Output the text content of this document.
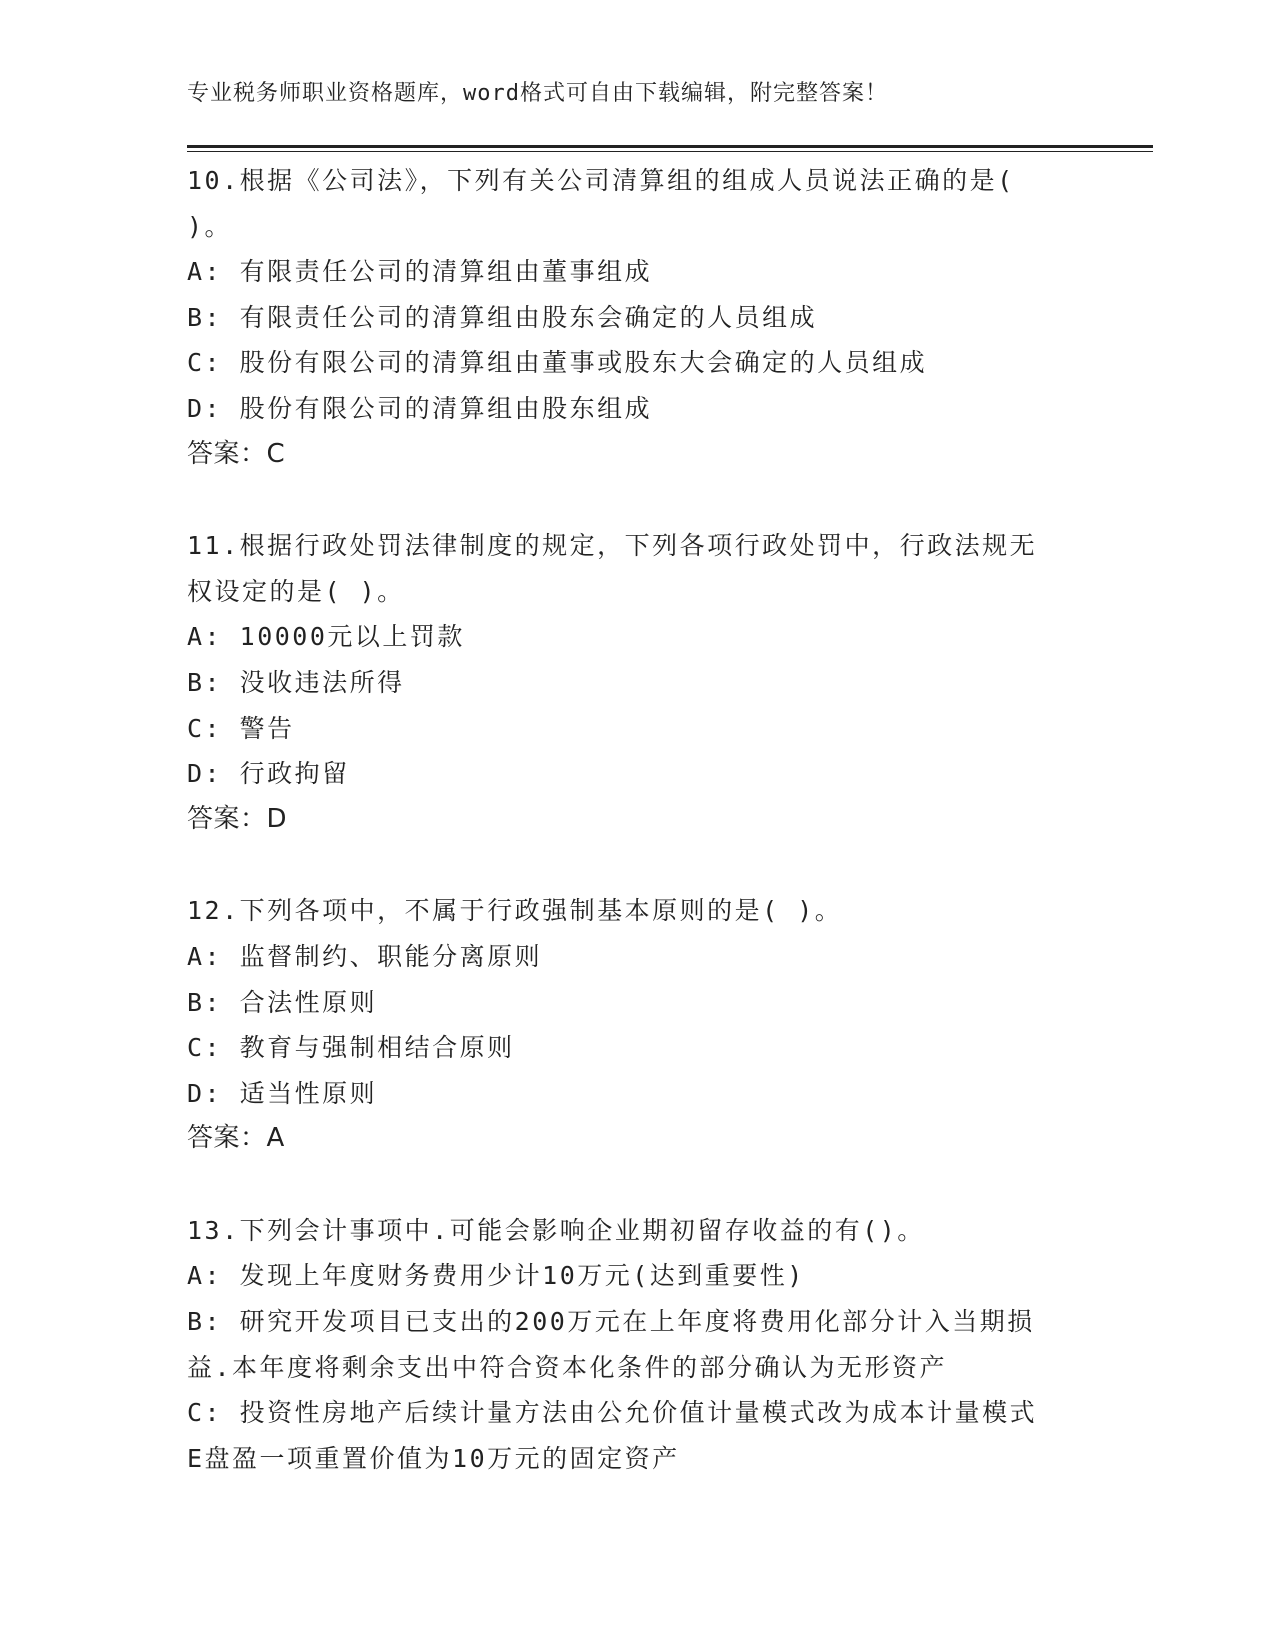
专业税务师职业资格题库，word格式可自由下载编辑，附完整答案！
10.根据《公司法》，下列有关公司清算组的组成人员说法正确的是(
)。
A: 有限责任公司的清算组由董事组成
B: 有限责任公司的清算组由股东会确定的人员组成
C: 股份有限公司的清算组由董事或股东大会确定的人员组成
D: 股份有限公司的清算组由股东组成
答案：C
11.根据行政处罚法律制度的规定，下列各项行政处罚中，行政法规无
权设定的是( )。
A: 10000元以上罚款
B: 没收违法所得
C: 警告
D: 行政拘留
答案：D
12.下列各项中，不属于行政强制基本原则的是( )。
A: 监督制约、职能分离原则
B: 合法性原则
C: 教育与强制相结合原则
D: 适当性原则
答案：A
13.下列会计事项中.可能会影响企业期初留存收益的有()。
A: 发现上年度财务费用少计10万元(达到重要性)
B: 研究开发项目已支出的200万元在上年度将费用化部分计入当期损
益.本年度将剩余支出中符合资本化条件的部分确认为无形资产
C: 投资性房地产后续计量方法由公允价值计量模式改为成本计量模式
E盘盈一项重置价值为10万元的固定资产
